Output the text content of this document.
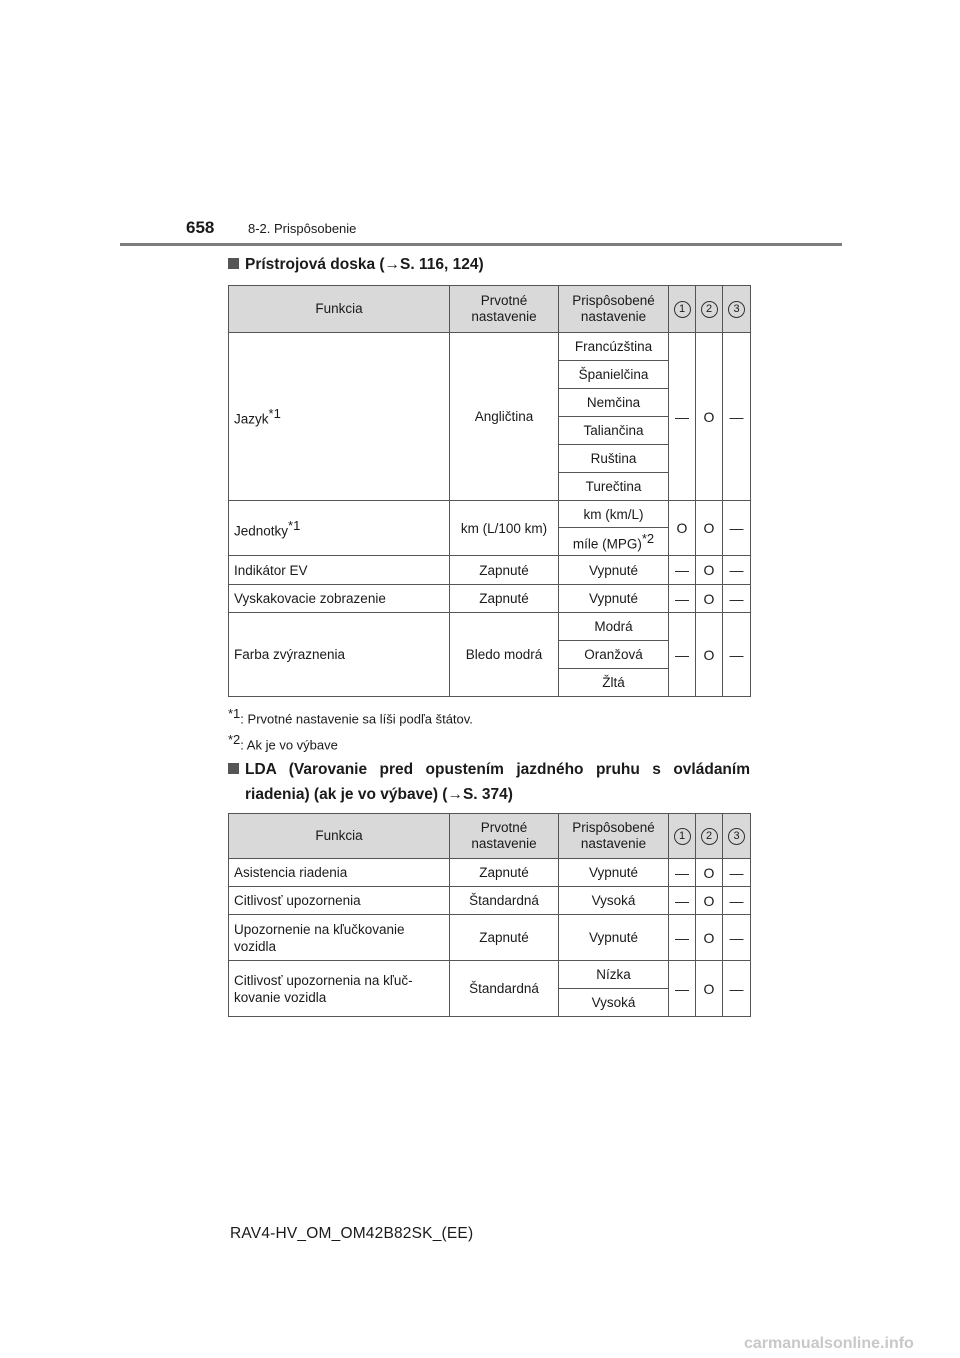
658	8-2. Prispôsobenie
Prístrojová doska (→S. 116, 124)
Funkcia	Prvotné nastavenie	Prispôsobené nastavenie	1	2	3
Jazyk$^{*1}$	Angličtina	Francúzština	—	O	—
		Španielčina			
		Nemčina			
		Taliančina			
		Ruština			
		Turečtina			
Jednotky$^{*1}$	km (L/100 km)	km (km/L)	O	O	—
		míle (MPG)$^{*2}$
Indikátor EV	Zapnuté	Vypnuté	—	O	—
Vyskakovacie zobrazenie	Zapnuté	Vypnuté	—	O	—
Farba zvýraznenia	Bledo modrá	Modrá	—	O	—
		Oranžová			
		Žltá			
$^{*1}$: Prvotné nastavenie sa líši podľa štátov.
$^{*2}$: Ak je vo výbave
LDA (Varovanie pred opustením jazdného pruhu s ovládaním riadenia) (ak je vo výbave) (→S. 374)
Funkcia	Prvotné nastavenie	Prispôsobené nastavenie	1	2	3
Asistencia riadenia	Zapnuté	Vypnuté	—	O	—
Citlivosť upozornenia	Štandardná	Vysoká	—	O	—
Upozornenie na kľučkovanie vozidla	Zapnuté	Vypnuté	—	O	—
Citlivosť upozornenia na kľuč-kovanie vozidla	Štandardná	Nízka	—	O	—
		Vysoká			
RAV4-HV_OM_OM42B82SK_(EE)
carmanualsonline.info
